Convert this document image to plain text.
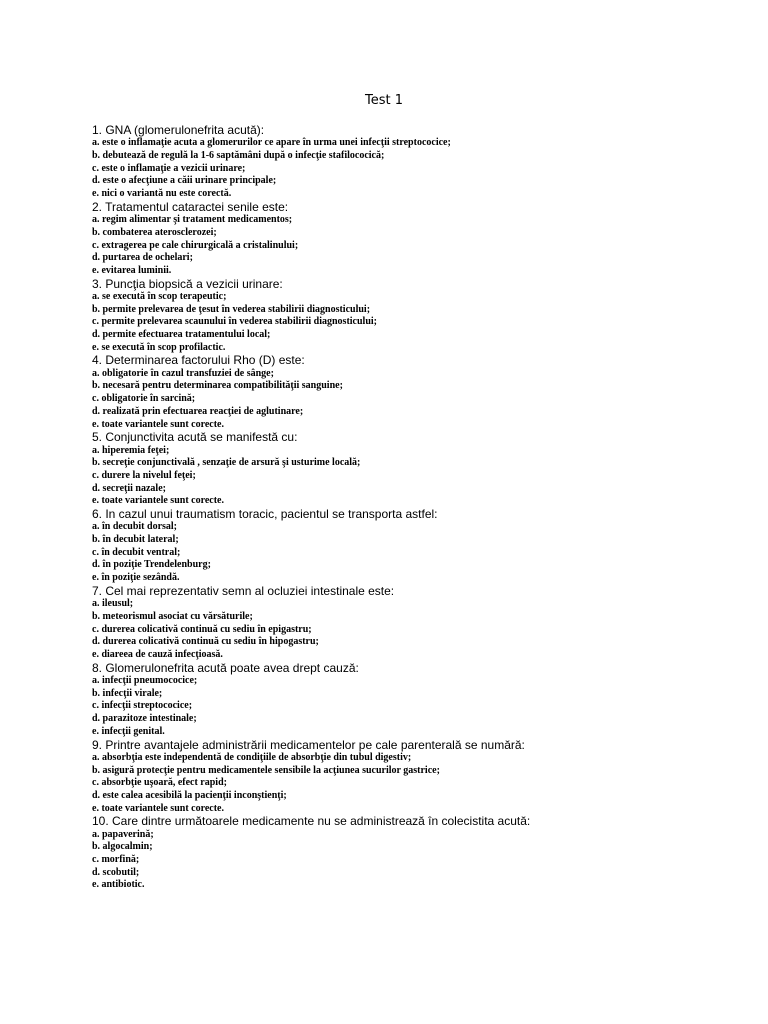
Test 1
1. GNA (glomerulonefrita acută):
a. este o inflamaţie acuta a glomerurilor ce apare în urma unei infecţii streptococice;
b. debutează de regulă la 1-6 saptămâni după o infecţie stafilococică;
c. este o inflamaţie a vezicii urinare;
d. este o afecţiune a căii urinare principale;
e. nici o variantă nu este corectă.
2. Tratamentul cataractei senile este:
a. regim alimentar şi tratament medicamentos;
b. combaterea aterosclerozei;
c. extragerea pe cale chirurgicală a cristalinului;
d. purtarea de ochelari;
e. evitarea luminii.
3. Puncţia biopsică a vezicii urinare:
a. se execută în scop terapeutic;
b. permite prelevarea de ţesut în vederea stabilirii diagnosticului;
c. permite prelevarea scaunului în vederea stabilirii diagnosticului;
d. permite efectuarea tratamentului local;
e. se execută în scop profilactic.
4. Determinarea factorului Rho (D) este:
a. obligatorie în cazul transfuziei de sânge;
b. necesară pentru determinarea compatibilităţii sanguine;
c. obligatorie în sarcină;
d. realizată prin efectuarea reacţiei de aglutinare;
e. toate variantele sunt corecte.
5. Conjunctivita acută se manifestă cu:
a. hiperemia feţei;
b. secreţie conjunctivală , senzaţie de arsură şi usturime locală;
c. durere la nivelul feţei;
d. secreţii nazale;
e. toate variantele sunt corecte.
6. In cazul unui traumatism toracic, pacientul se transporta astfel:
a. în decubit dorsal;
b. în decubit lateral;
c. în decubit ventral;
d. în poziţie Trendelenburg;
e. în poziţie sezândă.
7. Cel mai reprezentativ semn al ocluziei intestinale este:
a. ileusul;
b. meteorismul asociat cu vărsăturile;
c. durerea colicativă continuă cu sediu în epigastru;
d. durerea colicativă continuă cu sediu în hipogastru;
e. diareea de cauză infecţioasă.
8. Glomerulonefrita acută poate avea drept cauză:
a. infecţii pneumococice;
b. infecţii virale;
c. infecţii streptococice;
d. parazitoze intestinale;
e. infecţii genital.
9. Printre avantajele administrării medicamentelor pe cale parenterală se numără:
a. absorbţia este independentă de condiţiile de absorbţie din tubul digestiv;
b. asigură protecţie pentru medicamentele sensibile la acţiunea sucurilor gastrice;
c. absorbţie uşoară, efect rapid;
d. este calea acesibilă la pacienţii inconştienţi;
e. toate variantele sunt corecte.
10. Care dintre următoarele medicamente nu se administrează în colecistita acută:
a. papaverină;
b. algocalmin;
c. morfină;
d. scobutil;
e. antibiotic.
